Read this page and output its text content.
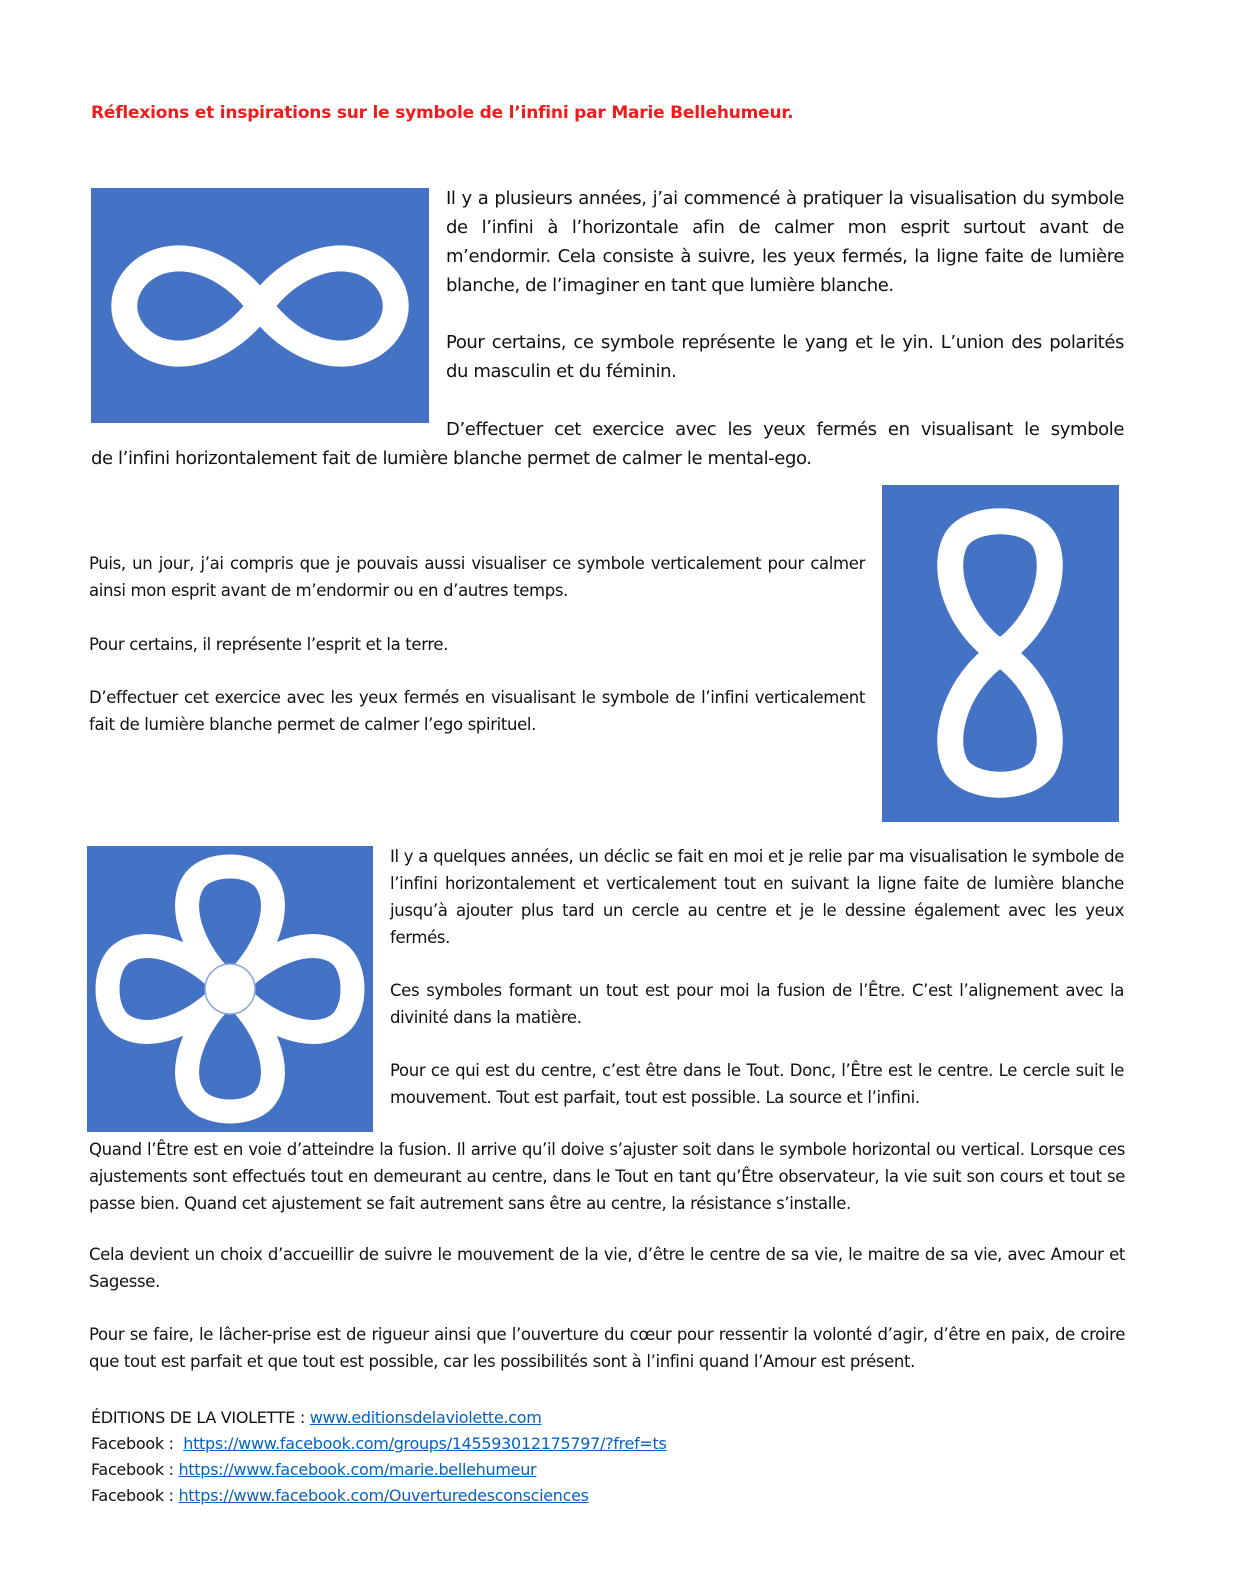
Réflexions et inspirations sur le symbole de l’infini par Marie Bellehumeur.

Il y a plusieurs années, j’ai commencé à pratiquer la visualisation du symbole de l’infini à l’horizontale afin de calmer mon esprit surtout avant de m’endormir. Cela consiste à suivre, les yeux fermés, la ligne faite de lumière blanche, de l’imaginer en tant que lumière blanche.

Pour certains, ce symbole représente le yang et le yin. L’union des polarités du masculin et du féminin.

D’effectuer cet exercice avec les yeux fermés en visualisant le symbole

de l’infini horizontalement fait de lumière blanche permet de calmer le mental-ego.

Puis, un jour, j’ai compris que je pouvais aussi visualiser ce symbole verticalement pour calmer ainsi mon esprit avant de m’endormir ou en d’autres temps.

Pour certains, il représente l’esprit et la terre.

D’effectuer cet exercice avec les yeux fermés en visualisant le symbole de l’infini verticalement fait de lumière blanche permet de calmer l’ego spirituel.

Il y a quelques années, un déclic se fait en moi et je relie par ma visualisation le symbole de l’infini horizontalement et verticalement tout en suivant la ligne faite de lumière blanche jusqu’à ajouter plus tard un cercle au centre et je le dessine également avec les yeux fermés.

Ces symboles formant un tout est pour moi la fusion de l’Être. C’est l’alignement avec la divinité dans la matière.

Pour ce qui est du centre, c’est être dans le Tout. Donc, l’Être est le centre. Le cercle suit le mouvement. Tout est parfait, tout est possible. La source et l’infini.

Quand l’Être est en voie d’atteindre la fusion. Il arrive qu’il doive s’ajuster soit dans le symbole horizontal ou vertical. Lorsque ces ajustements sont effectués tout en demeurant au centre, dans le Tout en tant qu’Être observateur, la vie suit son cours et tout se passe bien. Quand cet ajustement se fait autrement sans être au centre, la résistance s’installe.

Cela devient un choix d’accueillir de suivre le mouvement de la vie, d’être le centre de sa vie, le maitre de sa vie, avec Amour et Sagesse.

Pour se faire, le lâcher-prise est de rigueur ainsi que l’ouverture du cœur pour ressentir la volonté d’agir, d’être en paix, de croire que tout est parfait et que tout est possible, car les possibilités sont à l’infini quand l’Amour est présent.

ÉDITIONS DE LA VIOLETTE : www.editionsdelaviolette.com
Facebook :  https://www.facebook.com/groups/145593012175797/?fref=ts
Facebook : https://www.facebook.com/marie.bellehumeur
Facebook : https://www.facebook.com/Ouverturedesconsciences
